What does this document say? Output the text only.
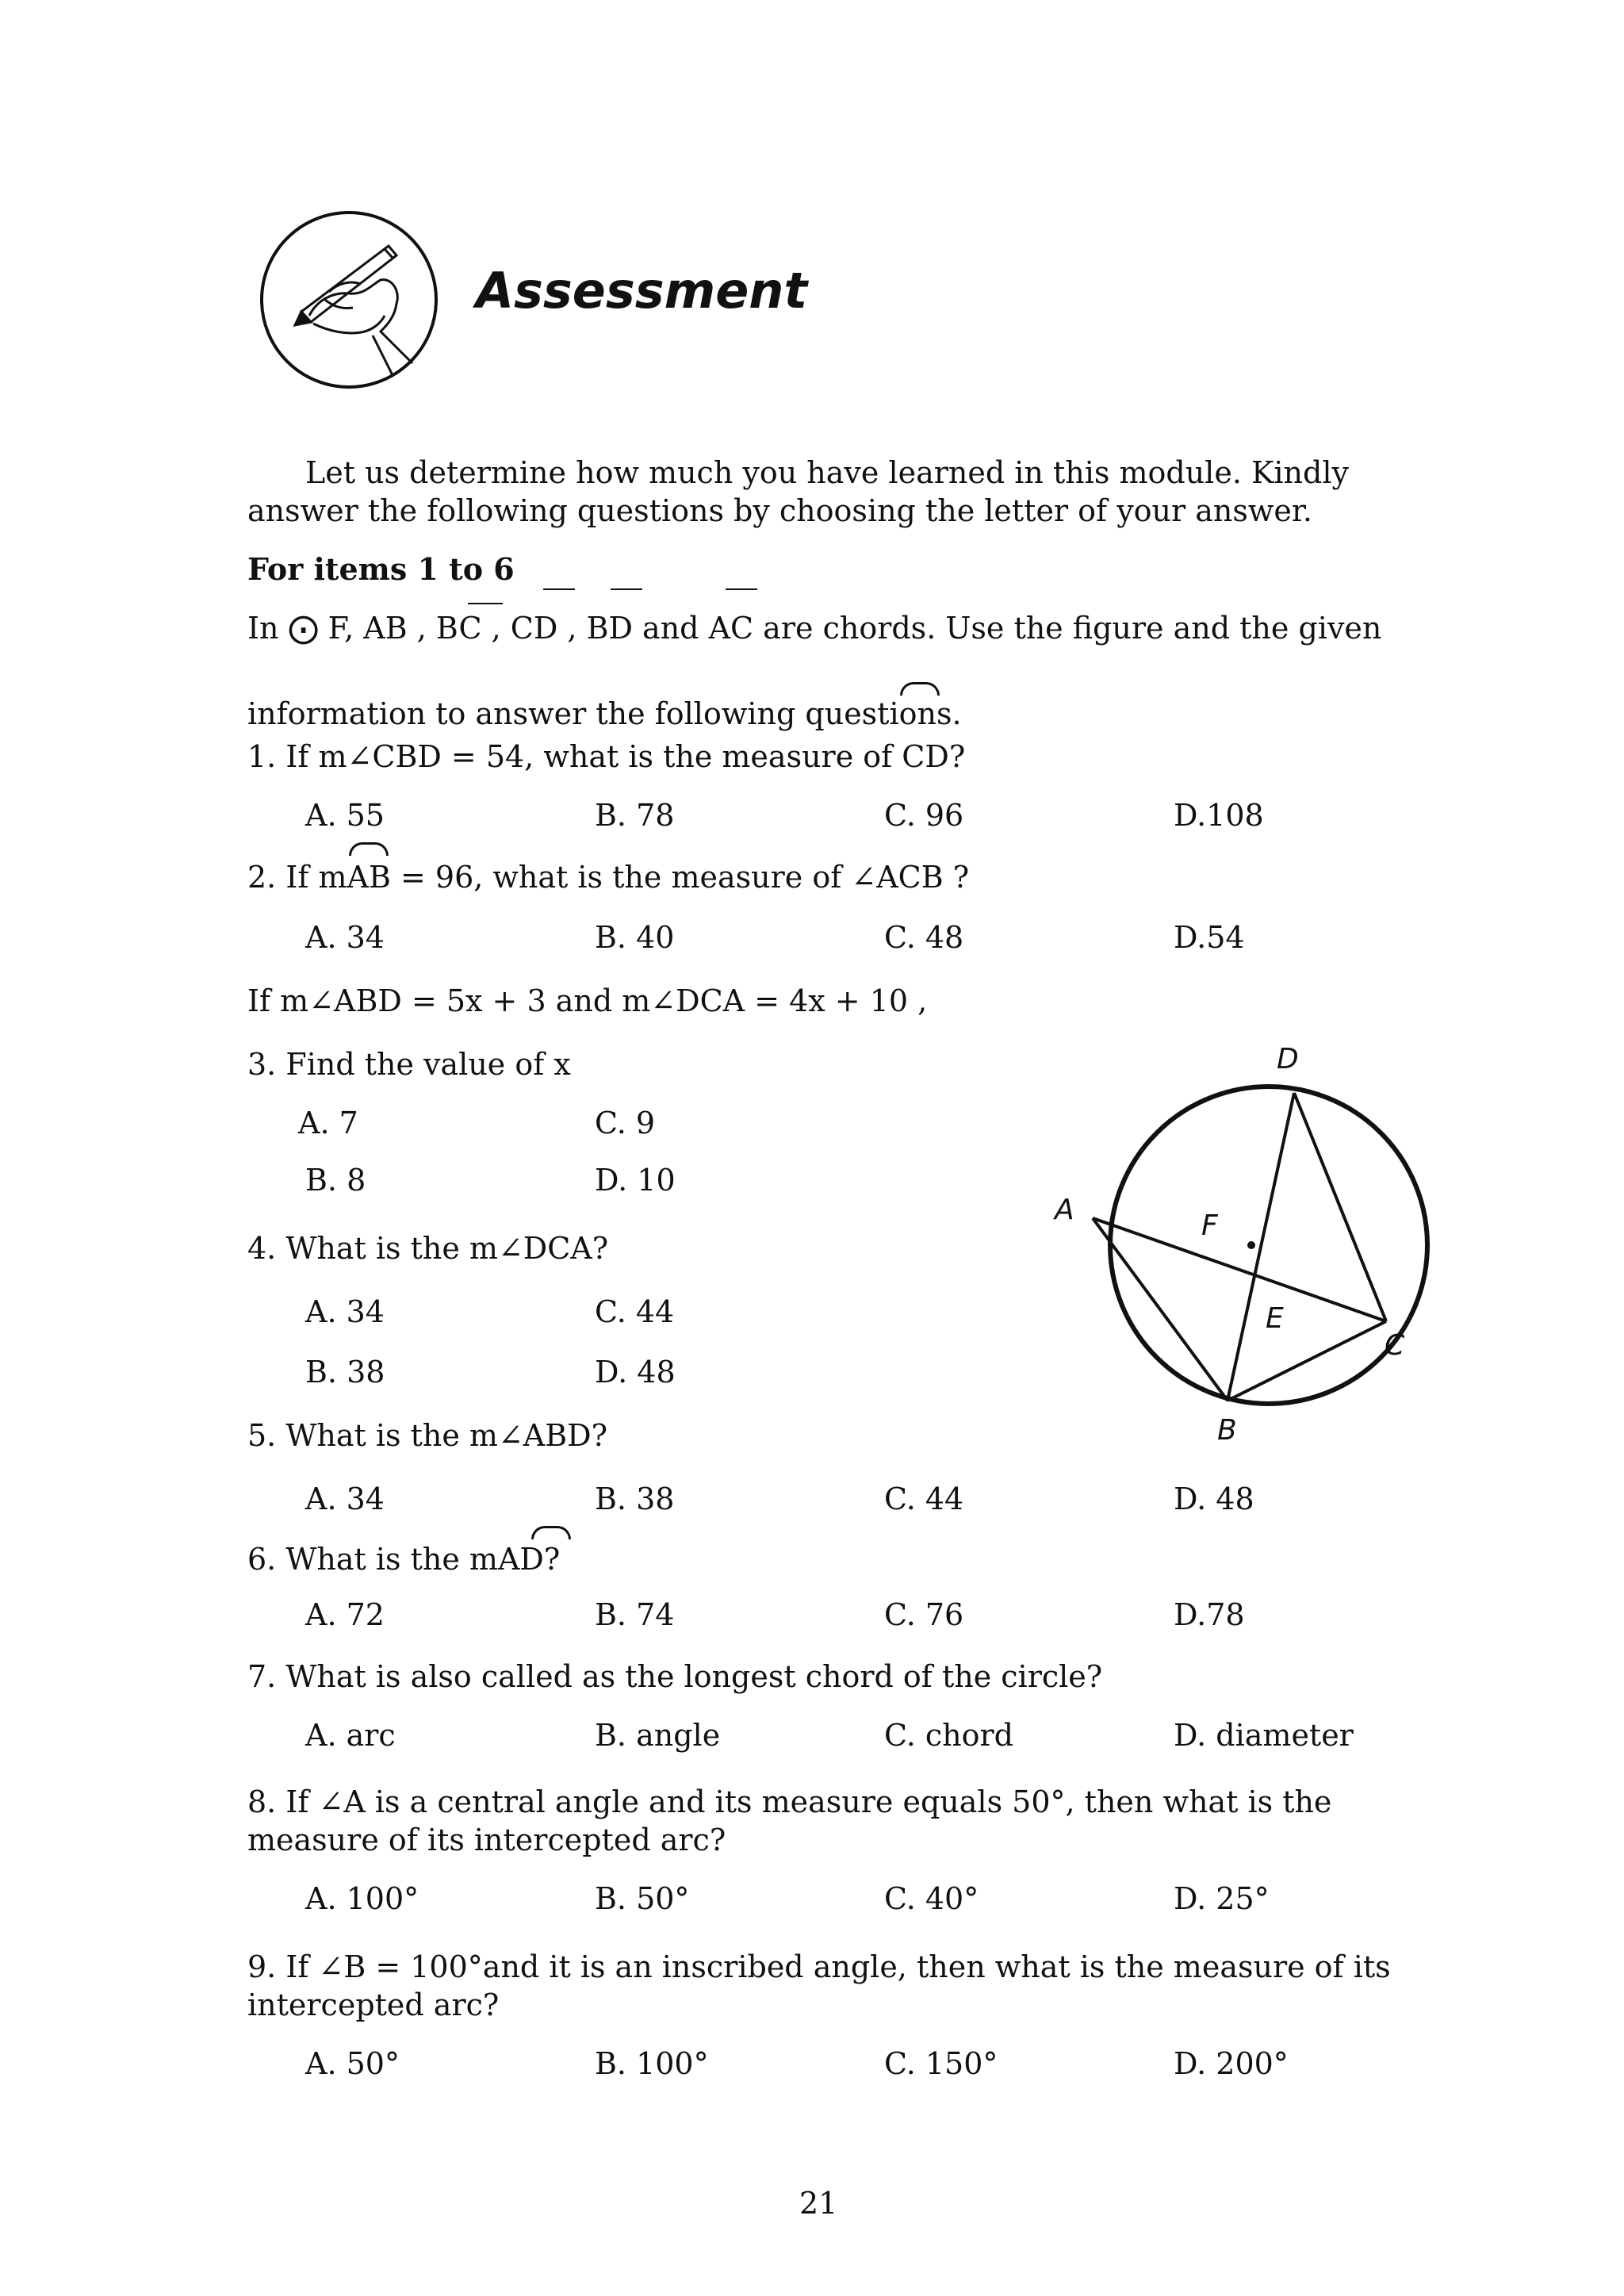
Assessment
Let us determine how much you have learned in this module. Kindly
answer the following questions by choosing the letter of your answer.
For items 1 to 6
In ⨀ F, AB , BC , CD , BD and AC are chords. Use the figure and the given
information to answer the following questions.
1. If m∠CBD = 54, what is the measure of CD?
A. 55	B. 78	C. 96	D.108
2. If mAB = 96, what is the measure of ∠ACB ?
A. 34	B. 40	C. 48	D.54
If m∠ABD = 5x + 3 and m∠DCA = 4x + 10 ,
3. Find the value of x
A. 7	C. 9
B. 8	D. 10
4. What is the m∠DCA?
A. 34	C. 44
B. 38	D. 48
D
A	F
E
C
B
5. What is the m∠ABD?
A. 34	B. 38	C. 44	D. 48
6. What is the mAD?
A. 72	B. 74	C. 76	D.78
7. What is also called as the longest chord of the circle?
A. arc	B. angle	C. chord	D. diameter
8. If ∠A is a central angle and its measure equals 50°, then what is the
measure of its intercepted arc?
A. 100°	B. 50°	C. 40°	D. 25°
9. If ∠B = 100°and it is an inscribed angle, then what is the measure of its
intercepted arc?
A. 50°	B. 100°	C. 150°	D. 200°
21
